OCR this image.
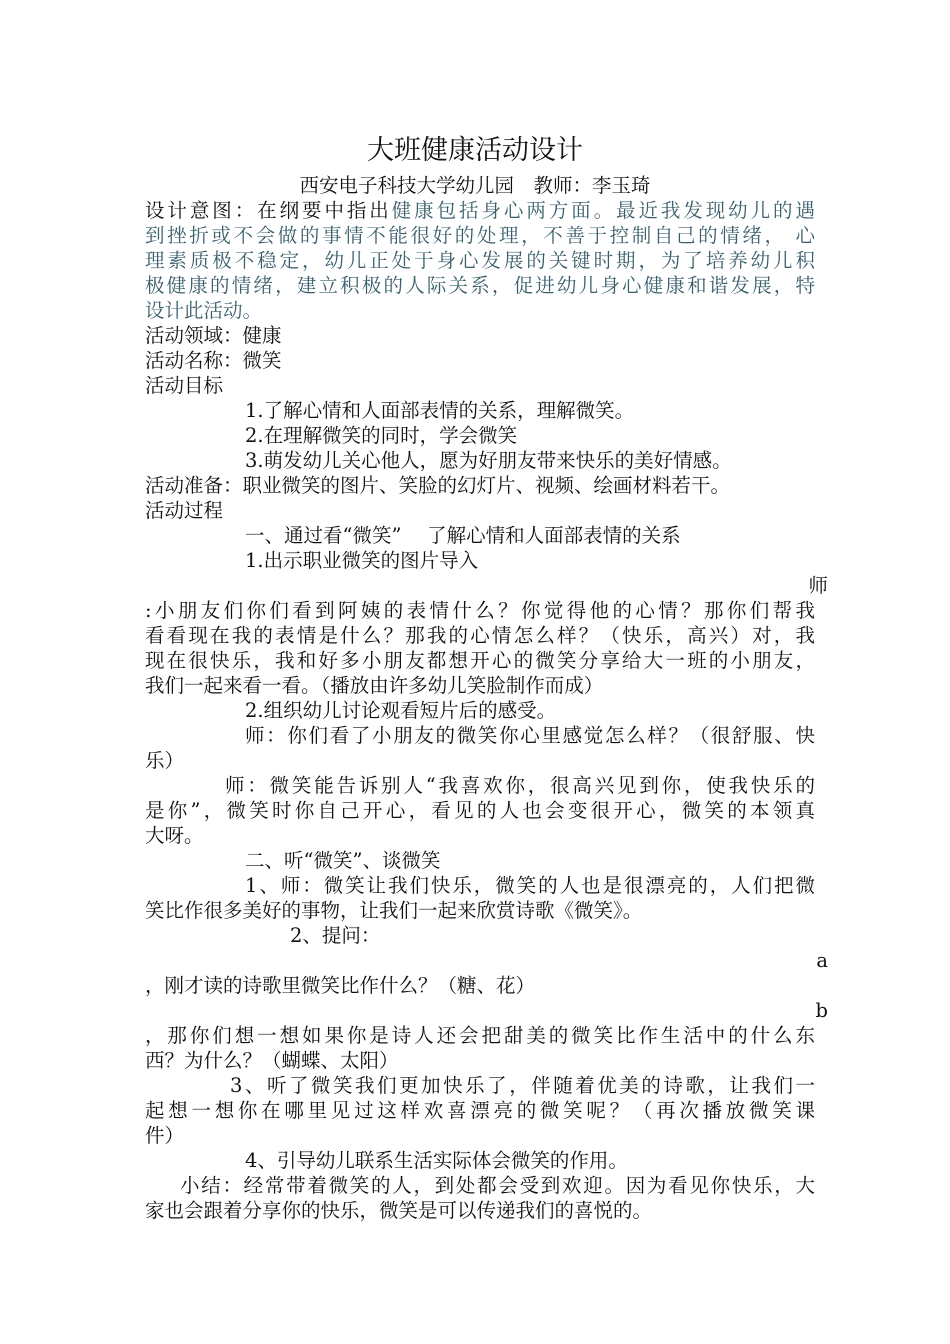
大班健康活动设计
西安电子科技大学幼儿园　教师：李玉琦
设计意图：在纲要中指出健康包括身心两方面。最近我发现幼儿的遇
到挫折或不会做的事情不能很好的处理，不善于控制自己的情绪， 心
理素质极不稳定，幼儿正处于身心发展的关键时期，为了培养幼儿积
极健康的情绪，建立积极的人际关系，促进幼儿身心健康和谐发展，特
设计此活动。
活动领域：健康
活动名称：微笑
活动目标
1.了解心情和人面部表情的关系，理解微笑。
2.在理解微笑的同时，学会微笑
3.萌发幼儿关心他人，愿为好朋友带来快乐的美好情感。
活动准备：职业微笑的图片、笑脸的幻灯片、视频、绘画材料若干。
活动过程
一、通过看“微笑”　 了解心情和人面部表情的关系
1.出示职业微笑的图片导入
师
:小朋友们你们看到阿姨的表情什么？你觉得他的心情？那你们帮我
看看现在我的表情是什么？那我的心情怎么样？（快乐，高兴）对，我
现在很快乐，我和好多小朋友都想开心的微笑分享给大一班的小朋友，
我们一起来看一看。（播放由许多幼儿笑脸制作而成）
2.组织幼儿讨论观看短片后的感受。
师：你们看了小朋友的微笑你心里感觉怎么样？（很舒服、快
乐）
师：微笑能告诉别人“我喜欢你，很高兴见到你，使我快乐的
是你”，微笑时你自己开心，看见的人也会变很开心，微笑的本领真
大呀。
二、听“微笑”、谈微笑
1、师：微笑让我们快乐，微笑的人也是很漂亮的，人们把微
笑比作很多美好的事物，让我们一起来欣赏诗歌《微笑》。
2、提问：
a
，刚才读的诗歌里微笑比作什么？（糖、花）
b
，那你们想一想如果你是诗人还会把甜美的微笑比作生活中的什么东
西？为什么？（蝴蝶、太阳）
3、听了微笑我们更加快乐了，伴随着优美的诗歌，让我们一
起想一想你在哪里见过这样欢喜漂亮的微笑呢？（再次播放微笑课
件）
4、引导幼儿联系生活实际体会微笑的作用。
小结：经常带着微笑的人，到处都会受到欢迎。因为看见你快乐，大
家也会跟着分享你的快乐，微笑是可以传递我们的喜悦的。
